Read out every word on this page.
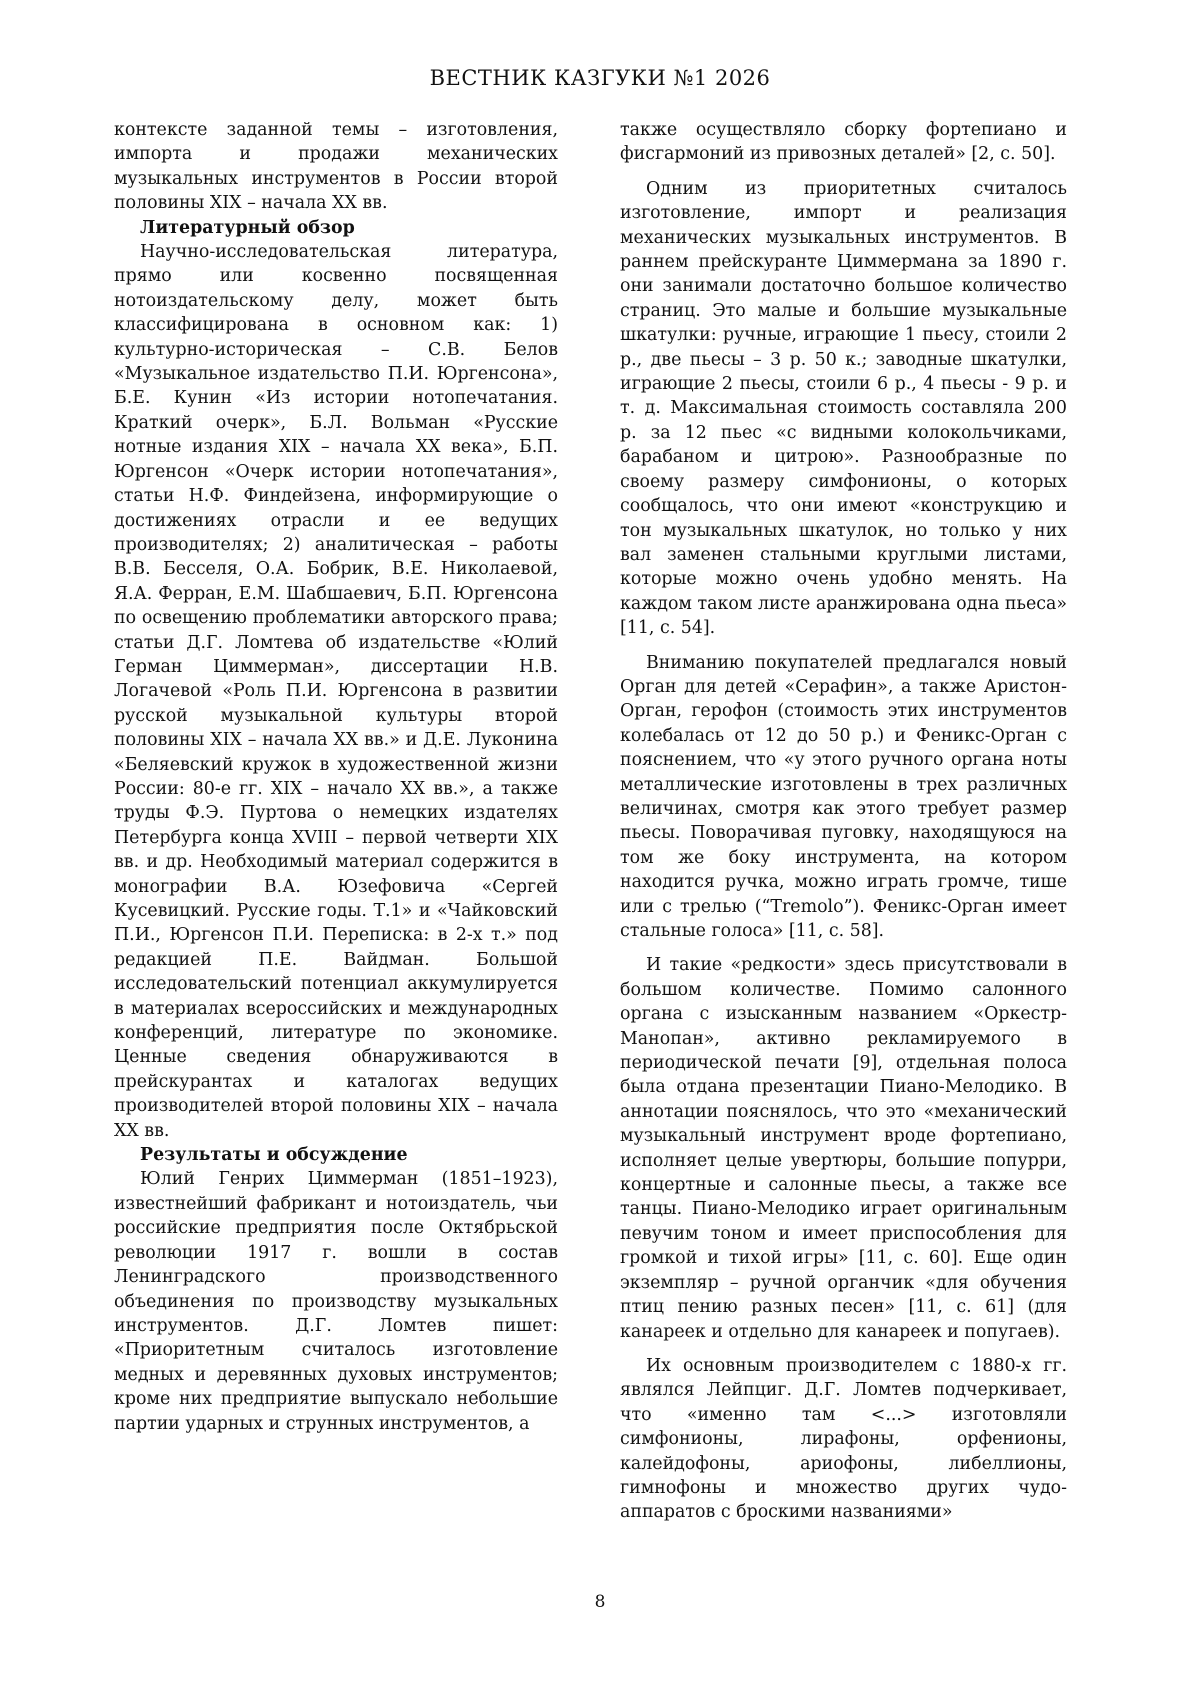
ВЕСТНИК КАЗГУКИ №1 2026

контексте заданной темы – изготовления, импорта и продажи механических музыкальных инструментов в России второй половины XIX – начала XX вв.

Литературный обзор

Научно-исследовательская литература, прямо или косвенно посвященная нотоиздательскому делу, может быть классифицирована в основном как: 1) культурно-историческая – С.В. Белов «Музыкальное издательство П.И. Юргенсона», Б.Е. Кунин «Из истории нотопечатания. Краткий очерк», Б.Л. Вольман «Русские нотные издания XIX – начала XX века», Б.П. Юргенсон «Очерк истории нотопечатания», статьи Н.Ф. Финдейзена, информирующие о достижениях отрасли и ее ведущих производителях; 2) аналитическая – работы В.В. Бесселя, О.А. Бобрик, В.Е. Николаевой, Я.А. Ферран, Е.М. Шабшаевич, Б.П. Юргенсона по освещению проблематики авторского права; статьи Д.Г. Ломтева об издательстве «Юлий Герман Циммерман», диссертации Н.В. Логачевой «Роль П.И. Юргенсона в развитии русской музыкальной культуры второй половины XIX – начала XX вв.» и Д.Е. Луконина «Беляевский кружок в художественной жизни России: 80-е гг. XIX – начало XX вв.», а также труды Ф.Э. Пуртова о немецких издателях Петербурга конца XVIII – первой четверти XIX вв. и др. Необходимый материал содержится в монографии В.А. Юзефовича «Сергей Кусевицкий. Русские годы. Т.1» и «Чайковский П.И., Юргенсон П.И. Переписка: в 2-х т.» под редакцией П.Е. Вайдман. Большой исследовательский потенциал аккумулируется в материалах всероссийских и международных конференций, литературе по экономике. Ценные сведения обнаруживаются в прейскурантах и каталогах ведущих производителей второй половины XIX – начала XX вв.

Результаты и обсуждение

Юлий Генрих Циммерман (1851–1923), известнейший фабрикант и нотоиздатель, чьи российские предприятия после Октябрьской революции 1917 г. вошли в состав Ленинградского производственного объединения по производству музыкальных инструментов. Д.Г. Ломтев пишет: «Приоритетным считалось изготовление медных и деревянных духовых инструментов; кроме них предприятие выпускало небольшие партии ударных и струнных инструментов, а

также осуществляло сборку фортепиано и фисгармоний из привозных деталей» [2, с. 50].

Одним из приоритетных считалось изготовление, импорт и реализация механических музыкальных инструментов. В раннем прейскуранте Циммермана за 1890 г. они занимали достаточно большое количество страниц. Это малые и большие музыкальные шкатулки: ручные, играющие 1 пьесу, стоили 2 р., две пьесы – 3 р. 50 к.; заводные шкатулки, играющие 2 пьесы, стоили 6 р., 4 пьесы - 9 р. и т. д. Максимальная стоимость составляла 200 р. за 12 пьес «с видными колокольчиками, барабаном и цитрою». Разнообразные по своему размеру симфонионы, о которых сообщалось, что они имеют «конструкцию и тон музыкальных шкатулок, но только у них вал заменен стальными круглыми листами, которые можно очень удобно менять. На каждом таком листе аранжирована одна пьеса» [11, с. 54].

Вниманию покупателей предлагался новый Орган для детей «Серафин», а также Аристон-Орган, герофон (стоимость этих инструментов колебалась от 12 до 50 р.) и Феникс-Орган с пояснением, что «у этого ручного органа ноты металлические изготовлены в трех различных величинах, смотря как этого требует размер пьесы. Поворачивая пуговку, находящуюся на том же боку инструмента, на котором находится ручка, можно играть громче, тише или с трелью (“Tremolo”). Феникс-Орган имеет стальные голоса» [11, с. 58].

И такие «редкости» здесь присутствовали в большом количестве. Помимо салонного органа с изысканным названием «Оркестр-Манопан», активно рекламируемого в периодической печати [9], отдельная полоса была отдана презентации Пиано-Мелодико. В аннотации пояснялось, что это «механический музыкальный инструмент вроде фортепиано, исполняет целые увертюры, большие попурри, концертные и салонные пьесы, а также все танцы. Пиано-Мелодико играет оригинальным певучим тоном и имеет приспособления для громкой и тихой игры» [11, с. 60]. Еще один экземпляр – ручной органчик «для обучения птиц пению разных песен» [11, с. 61] (для канареек и отдельно для канареек и попугаев).

Их основным производителем с 1880-х гг. являлся Лейпциг. Д.Г. Ломтев подчеркивает, что «именно там <...> изготовляли симфонионы, лирафоны, орфенионы, калейдофоны, ариофоны, либеллионы, гимнофоны и множество других чудо-аппаратов с броскими названиями»

8
